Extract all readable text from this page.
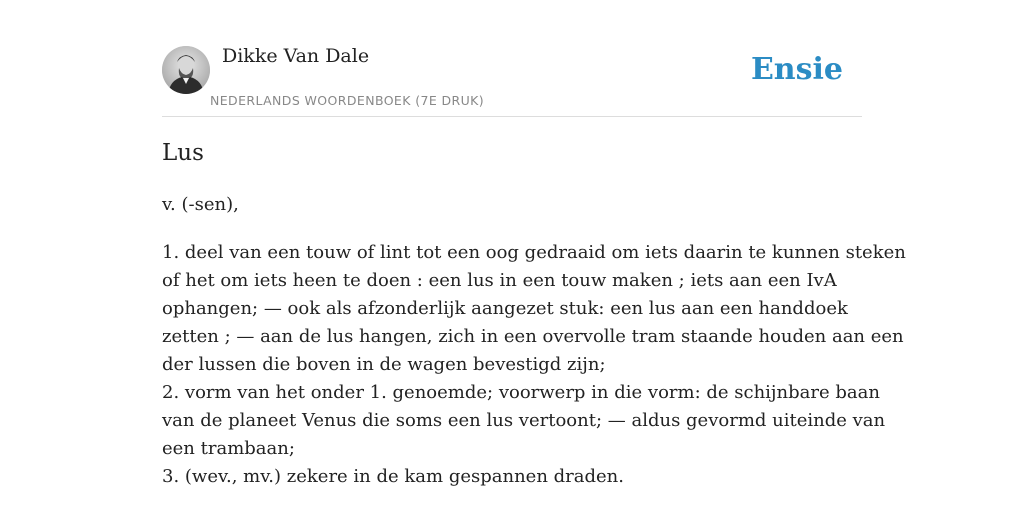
Dikke Van Dale
NEDERLANDS WOORDENBOEK (7E DRUK)
Ensie
Lus
v. (-sen),
1. deel van een touw of lint tot een oog gedraaid om iets daarin te kunnen steken
of het om iets heen te doen : een lus in een touw maken ; iets aan een IvA
ophangen; — ook als afzonderlijk aangezet stuk: een lus aan een handdoek
zetten ; — aan de lus hangen, zich in een overvolle tram staande houden aan een
der lussen die boven in de wagen bevestigd zijn;
2. vorm van het onder 1. genoemde; voorwerp in die vorm: de schijnbare baan
van de planeet Venus die soms een lus vertoont; — aldus gevormd uiteinde van
een trambaan;
3. (wev., mv.) zekere in de kam gespannen draden.
